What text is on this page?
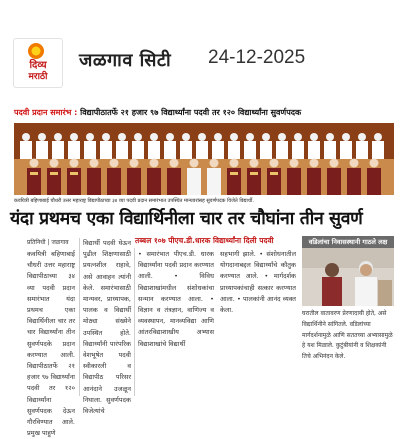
दिव्य
मराठी
जळगाव सिटी 24-12-2025
पदवी प्रदान समारंभ : विद्यापीठातर्फे २१ हजार ९७ विद्यार्थ्यांना पदवी तर १२० विद्यार्थ्यांना सुवर्णपदक
कवयित्री बहिणाबाई चौधरी उत्तर महाराष्ट्र विद्यापीठाच्या ३४ व्या पदवी प्रदान समारंभात उपस्थित मान्यवरांसह सुवर्णपदक विजेते विद्यार्थी.
यंदा प्रथमच एका विद्यार्थिनीला चार तर चौघांना तीन सुवर्ण
प्रतिनिधी | जळगाव
कवयित्री बहिणाबाई चौधरी उत्तर महाराष्ट्र विद्यापीठाच्या ३४ व्या पदवी प्रदान समारंभात यंदा प्रथमच एका विद्यार्थिनीला चार तर चार विद्यार्थ्यांना तीन सुवर्णपदके प्रदान करण्यात आली. विद्यापीठातर्फे २१ हजार ९७ विद्यार्थ्यांना पदवी तर १२० विद्यार्थ्यांना सुवर्णपदक देऊन गौरविण्यात आले. प्रमुख पाहुणे
विद्यार्थी पदवी घेऊन पुढील शिक्षणासाठी प्रयत्नशील राहावे, असे आवाहन त्यांनी केले. समारंभासाठी मान्यवर, प्राध्यापक, पालक व विद्यार्थी मोठ्या संख्येने उपस्थित होते. विद्यार्थ्यांनी पारंपरिक वेशभूषेत पदवी स्वीकारली व विद्यापीठ परिसर आनंदाने उजळून निघाला. सुवर्णपदक विजेत्यांचे
तब्बल १०७ पीएच.डी.धारक विद्यार्थ्यांना दिली पदवी
• समारंभात पीएच.डी. धारक विद्यार्थ्यांना पदवी प्रदान करण्यात आली. • विविध विद्याशाखांमधील संशोधकांचा सन्मान करण्यात आला. • विज्ञान व तंत्रज्ञान, वाणिज्य व व्यवस्थापन, मानव्यविद्या आणि आंतरविद्याशाखीय अभ्यास विद्याशाखांचे विद्यार्थी
सहभागी झाले. • संशोधनातील योगदानाबद्दल विद्यार्थ्यांचे कौतुक करण्यात आले. • मार्गदर्शक प्राध्यापकांचाही सत्कार करण्यात आला. • पालकांनी आनंद व्यक्त केला.
वडिलांचा निवासस्थानी गाठले लक्ष
घरातील वातावरण प्रेरणादायी होते, असे विद्यार्थिनीने सांगितले. वडिलांच्या मार्गदर्शनामुळे आणि सततच्या अभ्यासामुळे हे यश मिळाले. कुटुंबीयांनी व शिक्षकांनी तिचे अभिनंदन केले.
